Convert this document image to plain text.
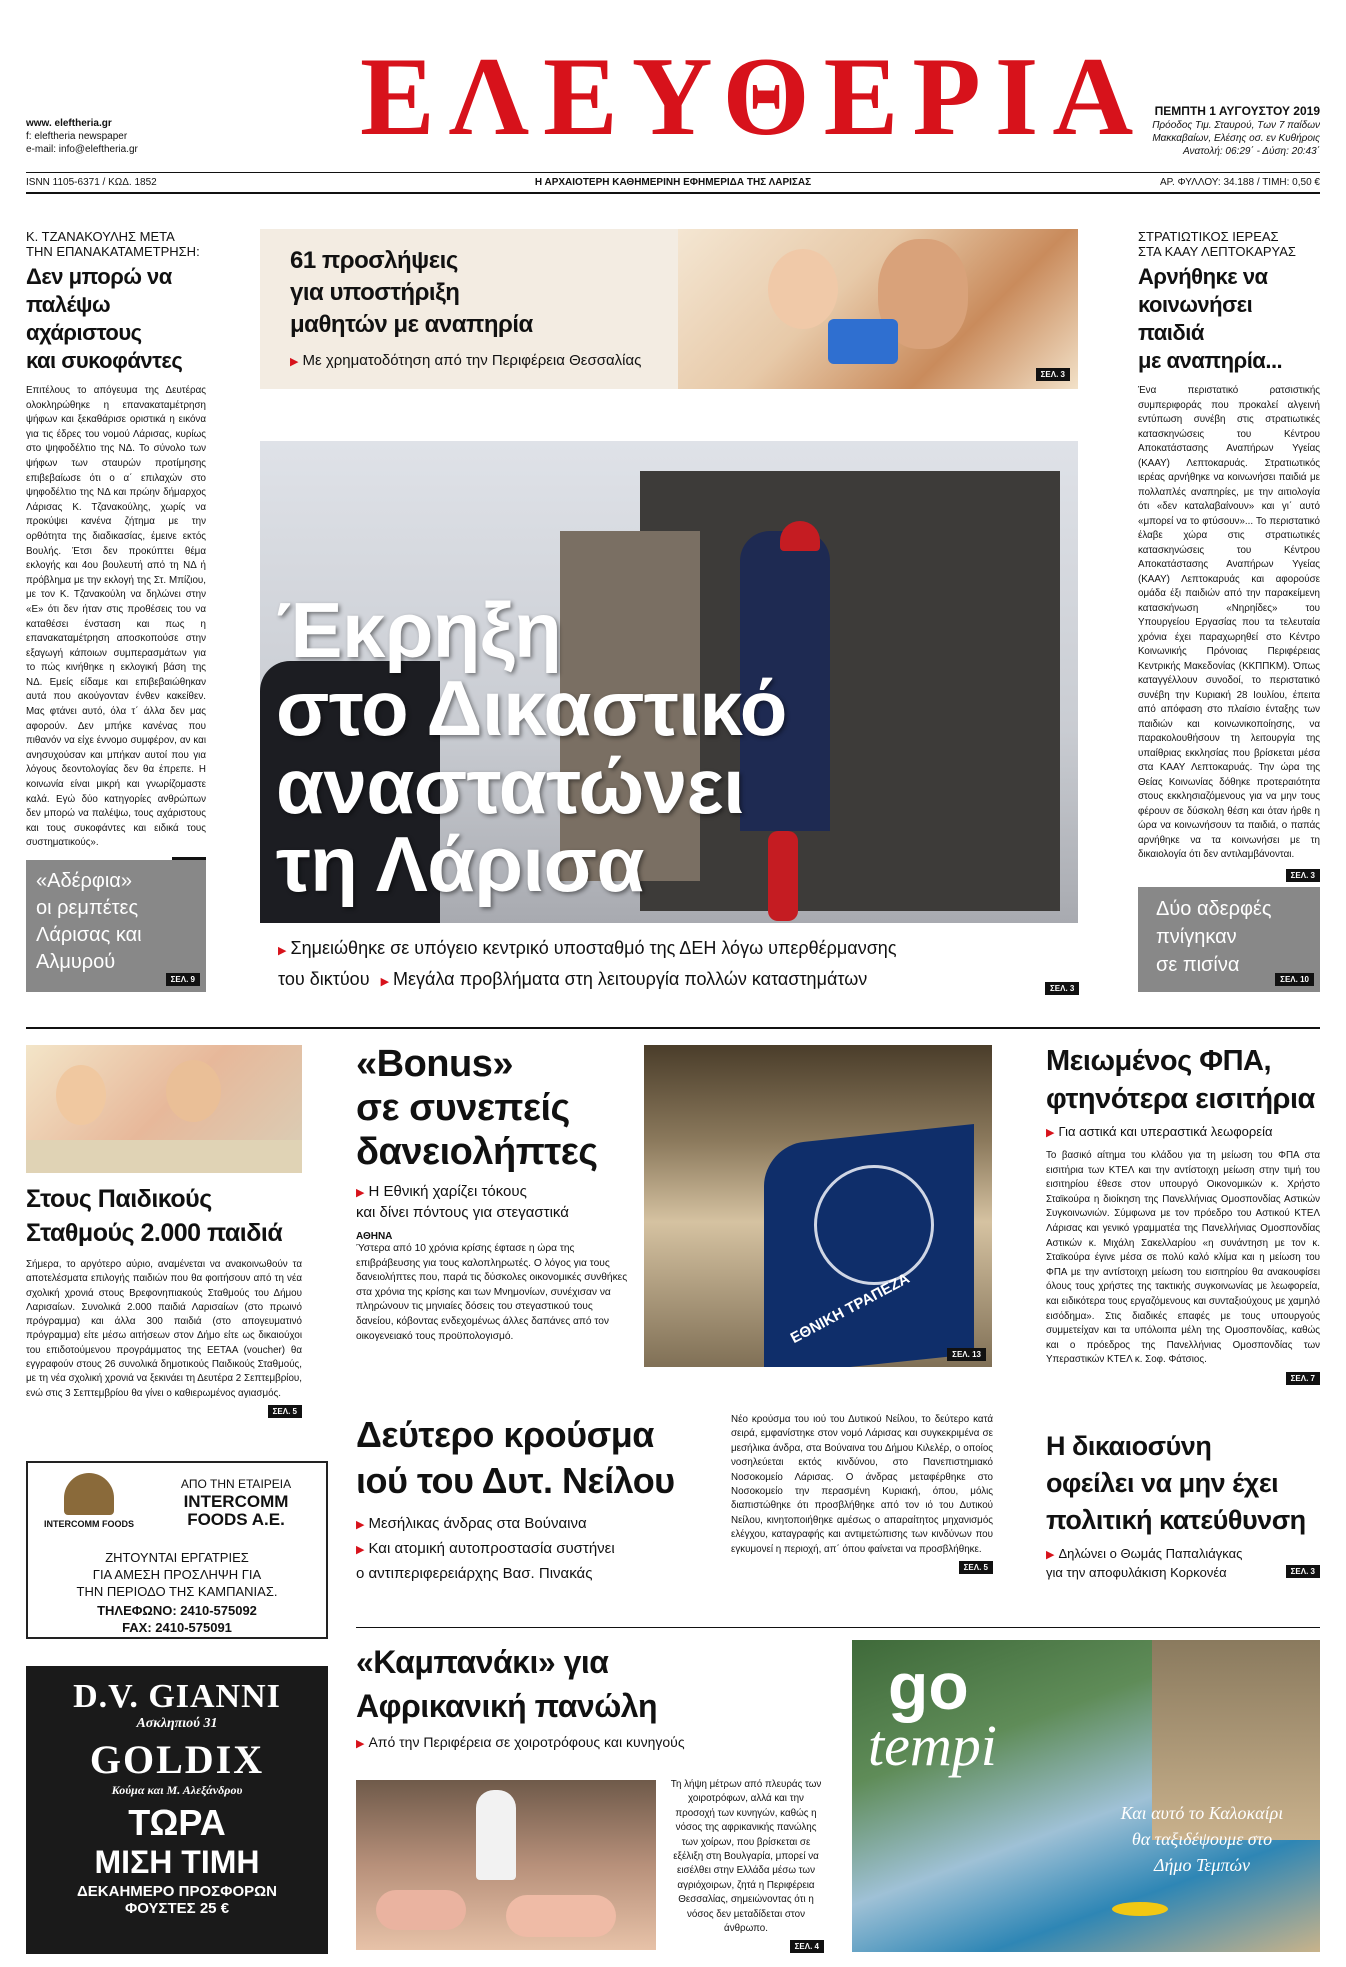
www. eleftheria.gr
f: eleftheria newspaper
e-mail: info@eleftheria.gr ΕΛΕΥΘΕΡΙΑ ΠΕΜΠΤΗ 1 ΑΥΓΟΥΣΤΟΥ 2019
Πρόοδος Τιμ. Σταυρού, Των 7 παίδων
Μακκαβαίων, Ελέσης οσ. εν Κυθήροις
Ανατολή: 06:29΄ - Δύση: 20:43΄
ISNN 1105-6371 / ΚΩΔ. 1852	Η ΑΡΧΑΙΟΤΕΡΗ ΚΑΘΗΜΕΡΙΝΗ ΕΦΗΜΕΡΙΔΑ ΤΗΣ ΛΑΡΙΣΑΣ	ΑΡ. ΦΥΛΛΟΥ: 34.188 / ΤΙΜΗ: 0,50 €
Κ. ΤΖΑΝΑΚΟΥΛΗΣ ΜΕΤΑ
ΤΗΝ ΕΠΑΝΑΚΑΤΑΜΕΤΡΗΣΗ:
Δεν μπορώ να
παλέψω αχάριστους
και συκοφάντες
Επιτέλους το απόγευμα της Δευτέρας ολοκληρώθηκε η επανακαταμέτρηση ψήφων και ξεκαθάρισε οριστικά η εικόνα για τις έδρες του νομού Λάρισας, κυρίως στο ψηφοδέλτιο της ΝΔ. Το σύνολο των ψήφων των σταυρών προτίμησης επιβεβαίωσε ότι ο α΄ επιλαχών στο ψηφοδέλτιο της ΝΔ και πρώην δήμαρχος Λάρισας Κ. Τζανακούλης, χωρίς να προκύψει κανένα ζήτημα με την ορθότητα της διαδικασίας, έμεινε εκτός Βουλής. Έτσι δεν προκύπτει θέμα εκλογής και 4ου βουλευτή από τη ΝΔ ή πρόβλημα με την εκλογή της Στ. Μπίζιου, με τον Κ. Τζανακούλη να δηλώνει στην «Ε» ότι δεν ήταν στις προθέσεις του να καταθέσει ένσταση και πως η επανακαταμέτρηση αποσκοπούσε στην εξαγωγή κάποιων συμπερασμάτων για το πώς κινήθηκε η εκλογική βάση της ΝΔ. Εμείς είδαμε και επιβεβαιώθηκαν αυτά που ακούγονταν ένθεν κακείθεν. Μας φτάνει αυτό, όλα τ΄ άλλα δεν μας αφορούν. Δεν μπήκε κανένας που πιθανόν να είχε έννομο συμφέρον, αν και ανησυχούσαν και μπήκαν αυτοί που για λόγους δεοντολογίας δεν θα έπρεπε. Η κοινωνία είναι μικρή και γνωρίζομαστε καλά. Εγώ δύο κατηγορίες ανθρώπων δεν μπορώ να παλέψω, τους αχάριστους και τους συκοφάντες και ειδικά τους συστηματικούς».
«Αδέρφια»
οι ρεμπέτες
Λάρισας και
Αλμυρού
ΣΕΛ. 9
61 προσλήψεις
για υποστήριξη
μαθητών με αναπηρία
▶ Με χρηματοδότηση από την Περιφέρεια Θεσσαλίας
ΣΕΛ. 3
Έκρηξη
στο Δικαστικό
αναστατώνει
τη Λάρισα
▶ Σημειώθηκε σε υπόγειο κεντρικό υποσταθμό της ΔΕΗ λόγω υπερθέρμανσης
του δικτύου ▶ Μεγάλα προβλήματα στη λειτουργία πολλών καταστημάτων	ΣΕΛ. 3
ΣΤΡΑΤΙΩΤΙΚΟΣ ΙΕΡΕΑΣ
ΣΤΑ ΚΑΑΥ ΛΕΠΤΟΚΑΡΥΑΣ
Αρνήθηκε να
κοινωνήσει παιδιά
με αναπηρία...
Ένα περιστατικό ρατσιστικής συμπεριφοράς που προκαλεί αλγεινή εντύπωση συνέβη στις στρατιωτικές κατασκηνώσεις του Κέντρου Αποκατάστασης Αναπήρων Υγείας (ΚΑΑΥ) Λεπτοκαρυάς. Στρατιωτικός ιερέας αρνήθηκε να κοινωνήσει παιδιά με πολλαπλές αναπηρίες, με την αιτιολογία ότι «δεν καταλαβαίνουν» και γι΄ αυτό «μπορεί να το φτύσουν»... Το περιστατικό έλαβε χώρα στις στρατιωτικές κατασκηνώσεις του Κέντρου Αποκατάστασης Αναπήρων Υγείας (ΚΑΑΥ) Λεπτοκαρυάς και αφορούσε ομάδα έξι παιδιών από την παρακείμενη κατασκήνωση «Νηρηίδες» του Υπουργείου Εργασίας που τα τελευταία χρόνια έχει παραχωρηθεί στο Κέντρο Κοινωνικής Πρόνοιας Περιφέρειας Κεντρικής Μακεδονίας (ΚΚΠΠΚΜ). Όπως καταγγέλλουν συνοδοί, το περιστατικό συνέβη την Κυριακή 28 Ιουλίου, έπειτα από απόφαση στο πλαίσιο ένταξης των παιδιών και κοινωνικοποίησης, να παρακολουθήσουν τη λειτουργία της υπαίθριας εκκλησίας που βρίσκεται μέσα στα ΚΑΑΥ Λεπτοκαρυάς. Την ώρα της Θείας Κοινωνίας δόθηκε προτεραιότητα στους εκκλησιαζόμενους για να μην τους φέρουν σε δύσκολη θέση και όταν ήρθε η ώρα να κοινωνήσουν τα παιδιά, ο παπάς αρνήθηκε να τα κοινωνήσει με τη δικαιολογία ότι δεν αντιλαμβάνονται.
ΣΕΛ. 3
Δύο αδερφές
πνίγηκαν
σε πισίνα
ΣΕΛ. 10
Στους Παιδικούς
Σταθμούς 2.000 παιδιά
Σήμερα, το αργότερο αύριο, αναμένεται να ανακοινωθούν τα αποτελέσματα επιλογής παιδιών που θα φοιτήσουν από τη νέα σχολική χρονιά στους Βρεφονηπιακούς Σταθμούς του Δήμου Λαρισαίων. Συνολικά 2.000 παιδιά Λαρισαίων (στο πρωινό πρόγραμμα) και άλλα 300 παιδιά (στο απογευματινό πρόγραμμα) είτε μέσω αιτήσεων στον Δήμο είτε ως δικαιούχοι του επιδοτούμενου προγράμματος της ΕΕΤΑΑ (voucher) θα εγγραφούν στους 26 συνολικά δημοτικούς Παιδικούς Σταθμούς, με τη νέα σχολική χρονιά να ξεκινάει τη Δευτέρα 2 Σεπτεμβρίου, ενώ στις 3 Σεπτεμβρίου θα γίνει ο καθιερωμένος αγιασμός.
ΣΕΛ. 5
INTERCOMM FOODS
ΑΠΟ ΤΗΝ ΕΤΑΙΡΕΙΑ
INTERCOMM
FOODS A.E.
ΖΗΤΟΥΝΤΑΙ ΕΡΓΑΤΡΙΕΣ
ΓΙΑ ΑΜΕΣΗ ΠΡΟΣΛΗΨΗ ΓΙΑ
ΤΗΝ ΠΕΡΙΟΔΟ ΤΗΣ ΚΑΜΠΑΝΙΑΣ.
ΤΗΛΕΦΩΝΟ: 2410-575092
FAX: 2410-575091
D.V. GIANNI
Ασκληπιού 31
GOLDIX
Κούμα και Μ. Αλεξάνδρου
ΤΩΡΑ
ΜΙΣΗ ΤΙΜΗ
ΔΕΚΑΗΜΕΡΟ ΠΡΟΣΦΟΡΩΝ
ΦΟΥΣΤΕΣ 25 €
«Bonus»
σε συνεπείς
δανειολήπτες
▶ Η Εθνική χαρίζει τόκους
και δίνει πόντους για στεγαστικά
ΑΘΗΝΑ
Ύστερα από 10 χρόνια κρίσης έφτασε η ώρα της επιβράβευσης για τους καλοπληρωτές. Ο λόγος για τους δανειολήπτες που, παρά τις δύσκολες οικονομικές συνθήκες στα χρόνια της κρίσης και των Μνημονίων, συνέχισαν να πληρώνουν τις μηνιαίες δόσεις του στεγαστικού τους δανείου, κόβοντας ενδεχομένως άλλες δαπάνες από τον οικογενειακό τους προϋπολογισμό.	ΕΘΝΙΚΗ ΤΡΑΠΕΖΑ
ΣΕΛ. 13
Μειωμένος ΦΠΑ,
φτηνότερα εισιτήρια
▶ Για αστικά και υπεραστικά λεωφορεία
Το βασικό αίτημα του κλάδου για τη μείωση του ΦΠΑ στα εισιτήρια των ΚΤΕΛ και την αντίστοιχη μείωση στην τιμή του εισιτηρίου έθεσε στον υπουργό Οικονομικών κ. Χρήστο Σταϊκούρα η διοίκηση της Πανελλήνιας Ομοσπονδίας Αστικών Συγκοινωνιών. Σύμφωνα με τον πρόεδρο του Αστικού ΚΤΕΛ Λάρισας και γενικό γραμματέα της Πανελλήνιας Ομοσπονδίας Αστικών κ. Μιχάλη Σακελλαρίου «η συνάντηση με τον κ. Σταϊκούρα έγινε μέσα σε πολύ καλό κλίμα και η μείωση του ΦΠΑ με την αντίστοιχη μείωση του εισιτηρίου θα ανακουφίσει όλους τους χρήστες της τακτικής συγκοινωνίας με λεωφορεία, και ειδικότερα τους εργαζόμενους και συνταξιούχους με χαμηλό εισόδημα». Στις διαδικές επαφές με τους υπουργούς συμμετείχαν και τα υπόλοιπα μέλη της Ομοσπονδίας, καθώς και ο πρόεδρος της Πανελλήνιας Ομοσπονδίας των Υπεραστικών ΚΤΕΛ κ. Σοφ. Φάτσιος.
ΣΕΛ. 7
Δεύτερο κρούσμα
ιού του Δυτ. Νείλου
▶ Μεσήλικας άνδρας στα Βούναινα
▶ Και ατομική αυτοπροστασία συστήνει
ο αντιπεριφερειάρχης Βασ. Πινακάς
Νέο κρούσμα του ιού του Δυτικού Νείλου, το δεύτερο κατά σειρά, εμφανίστηκε στον νομό Λάρισας και συγκεκριμένα σε μεσήλικα άνδρα, στα Βούναινα του Δήμου Κιλελέρ, ο οποίος νοσηλεύεται εκτός κινδύνου, στο Πανεπιστημιακό Νοσοκομείο Λάρισας. Ο άνδρας μεταφέρθηκε στο Νοσοκομείο την περασμένη Κυριακή, όπου, μόλις διαπιστώθηκε ότι προσβλήθηκε από τον ιό του Δυτικού Νείλου, κινητοποιήθηκε αμέσως ο απαραίτητος μηχανισμός ελέγχου, καταγραφής και αντιμετώπισης των κινδύνων που εγκυμονεί η περιοχή, απ΄ όπου φαίνεται να προσβλήθηκε.
ΣΕΛ. 5
Η δικαιοσύνη
οφείλει να μην έχει
πολιτική κατεύθυνση
▶ Δηλώνει ο Θωμάς Παπαλιάγκας
για την αποφυλάκιση Κορκονέα	ΣΕΛ. 3
«Καμπανάκι» για
Αφρικανική πανώλη
▶ Από την Περιφέρεια σε χοιροτρόφους και κυνηγούς
Τη λήψη μέτρων από πλευράς των χοιροτρόφων, αλλά και την προσοχή των κυνηγών, καθώς η νόσος της αφρικανικής πανώλης των χοίρων, που βρίσκεται σε εξέλιξη στη Βουλγαρία, μπορεί να εισέλθει στην Ελλάδα μέσω των αγριόχοιρων, ζητά η Περιφέρεια Θεσσαλίας, σημειώνοντας ότι η νόσος δεν μεταδίδεται στον άνθρωπο.
ΣΕΛ. 4
go
tempi
Και αυτό το Καλοκαίρι
θα ταξιδέψουμε στο
Δήμο Τεμπών
